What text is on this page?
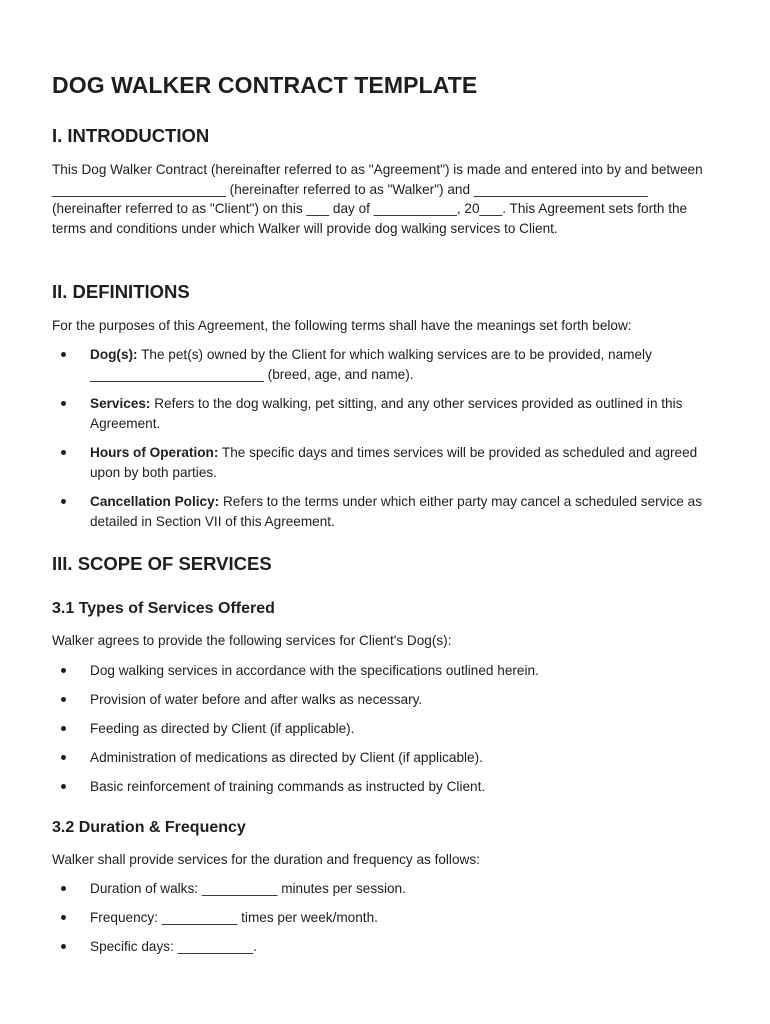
DOG WALKER CONTRACT TEMPLATE
I. INTRODUCTION

This Dog Walker Contract (hereinafter referred to as "Agreement") is made and entered into by and between _______________________ (hereinafter referred to as "Walker") and _______________________ (hereinafter referred to as "Client") on this ___ day of ___________, 20___. This Agreement sets forth the terms and conditions under which Walker will provide dog walking services to Client.

II. DEFINITIONS

For the purposes of this Agreement, the following terms shall have the meanings set forth below:

Dog(s): The pet(s) owned by the Client for which walking services are to be provided, namely _______________________ (breed, age, and name).
Services: Refers to the dog walking, pet sitting, and any other services provided as outlined in this Agreement.
Hours of Operation: The specific days and times services will be provided as scheduled and agreed upon by both parties.
Cancellation Policy: Refers to the terms under which either party may cancel a scheduled service as detailed in Section VII of this Agreement.
III. SCOPE OF SERVICES
3.1 Types of Services Offered

Walker agrees to provide the following services for Client's Dog(s):

Dog walking services in accordance with the specifications outlined herein.
Provision of water before and after walks as necessary.
Feeding as directed by Client (if applicable).
Administration of medications as directed by Client (if applicable).
Basic reinforcement of training commands as instructed by Client.
3.2 Duration & Frequency

Walker shall provide services for the duration and frequency as follows:

Duration of walks: __________ minutes per session.
Frequency: __________ times per week/month.
Specific days: __________.
